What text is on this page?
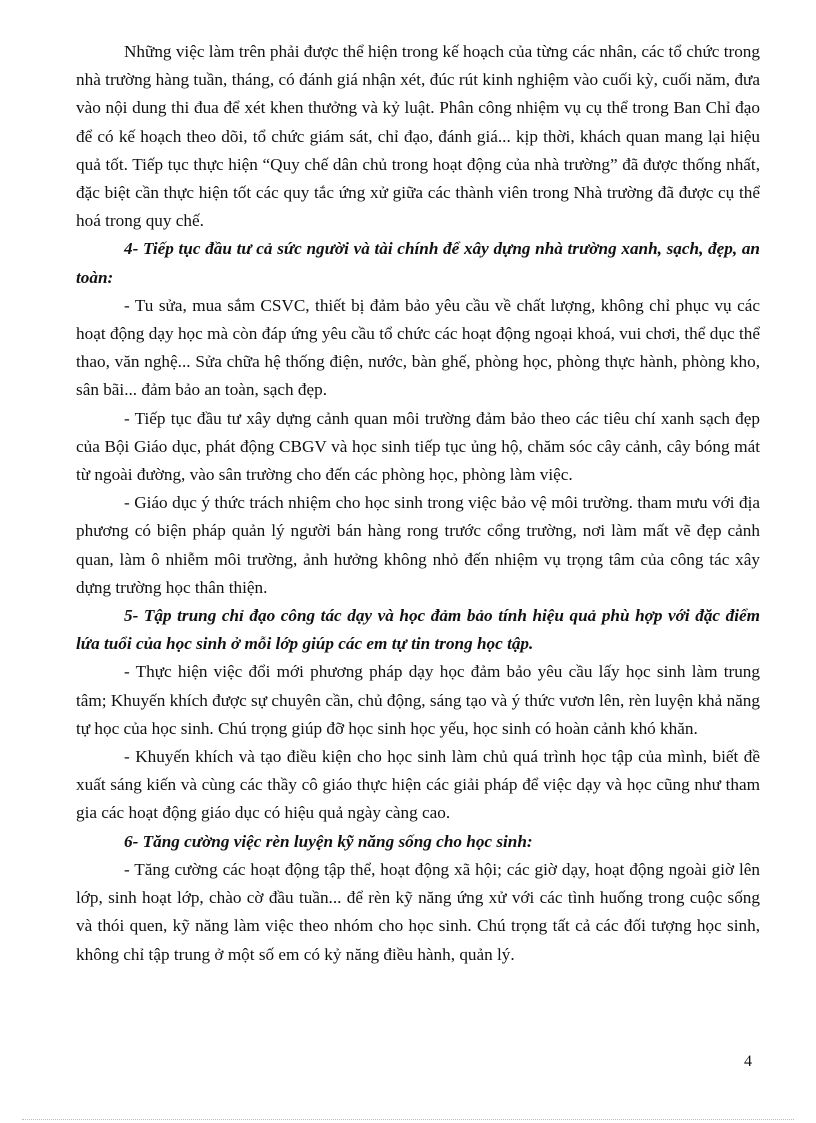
Những việc làm trên phải được thể hiện trong kế hoạch của từng các nhân, các tổ chức trong nhà trường hàng tuần, tháng, có đánh giá nhận xét, đúc rút kinh nghiệm vào cuối kỳ, cuối năm, đưa vào nội dung thi đua để xét khen thưởng và kỷ luật. Phân công nhiệm vụ cụ thể trong Ban Chỉ đạo để có kế hoạch theo dõi, tổ chức giám sát, chỉ đạo, đánh giá... kịp thời, khách quan mang lại hiệu quả tốt. Tiếp tục thực hiện “Quy chế dân chủ trong hoạt động của nhà trường” đã được thống nhất, đặc biệt cần thực hiện tốt các quy tắc ứng xử giữa các thành viên trong Nhà trường đã được cụ thể hoá trong quy chế.

4- Tiếp tục đầu tư cả sức người và tài chính để xây dựng nhà trường xanh, sạch, đẹp, an toàn:

- Tu sửa, mua sắm CSVC, thiết bị đảm bảo yêu cầu về chất lượng, không chỉ phục vụ các hoạt động dạy học mà còn đáp ứng yêu cầu tổ chức các hoạt động ngoại khoá, vui chơi, thể dục thể thao, văn nghệ... Sửa chữa hệ thống điện, nước, bàn ghế, phòng học, phòng thực hành, phòng kho, sân bãi... đảm bảo an toàn, sạch đẹp.

- Tiếp tục đầu tư xây dựng cảnh quan môi trường đảm bảo theo các tiêu chí xanh sạch đẹp của Bội Giáo dục, phát động CBGV và học sinh tiếp tục ủng hộ, chăm sóc cây cảnh, cây bóng mát từ ngoài đường, vào sân trường cho đến các phòng học, phòng làm việc.

- Giáo dục ý thức trách nhiệm cho học sinh trong việc bảo vệ môi trường. tham mưu với địa phương có biện pháp quản lý người bán hàng rong trước cổng trường, nơi làm mất vẽ đẹp cảnh quan, làm ô nhiễm môi trường, ảnh hưởng không nhỏ đến nhiệm vụ trọng tâm của công tác xây dựng trường học thân thiện.

5- Tập trung chỉ đạo công tác dạy và học đảm bảo tính hiệu quả phù hợp với đặc điểm lứa tuổi của học sinh ở mỗi lớp giúp các em tự tin trong học tập.

- Thực hiện việc đổi mới phương pháp dạy học đảm bảo yêu cầu lấy học sinh làm trung tâm; Khuyến khích được sự chuyên cần, chủ động, sáng tạo và ý thức vươn lên, rèn luyện khả năng tự học của học sinh. Chú trọng giúp đỡ học sinh học yếu, học sinh có hoàn cảnh khó khăn.

- Khuyến khích và tạo điều kiện cho học sinh làm chủ quá trình học tập của mình, biết đề xuất sáng kiến và cùng các thầy cô giáo thực hiện các giải pháp để việc dạy và học cũng như tham gia các hoạt động giáo dục có hiệu quả ngày càng cao.

6- Tăng cường việc rèn luyện kỹ năng sống cho học sinh:

- Tăng cường các hoạt động tập thể, hoạt động xã hội; các giờ dạy, hoạt động ngoài giờ lên lớp, sinh hoạt lớp, chào cờ đầu tuần... để rèn kỹ năng ứng xử với các tình huống trong cuộc sống và thói quen, kỹ năng làm việc theo nhóm cho học sinh. Chú trọng tất cả các đối tượng học sinh, không chỉ tập trung ở một số em có kỷ năng điều hành, quản lý.

4
